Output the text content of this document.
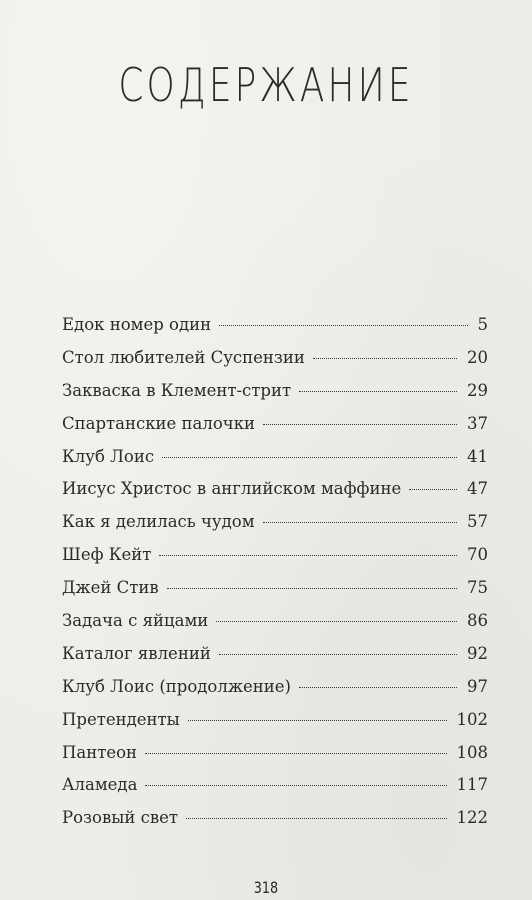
СОДЕРЖАНИЕ
Едок номер один	5
Стол любителей Суспензии	20
Закваска в Клемент-стрит	29
Спартанские палочки	37
Клуб Лоис	41
Иисус Христос в английском маффине	47
Как я делилась чудом	57
Шеф Кейт	70
Джей Стив	75
Задача с яйцами	86
Каталог явлений	92
Клуб Лоис (продолжение)	97
Претенденты	102
Пантеон	108
Аламеда	117
Розовый свет	122
318
